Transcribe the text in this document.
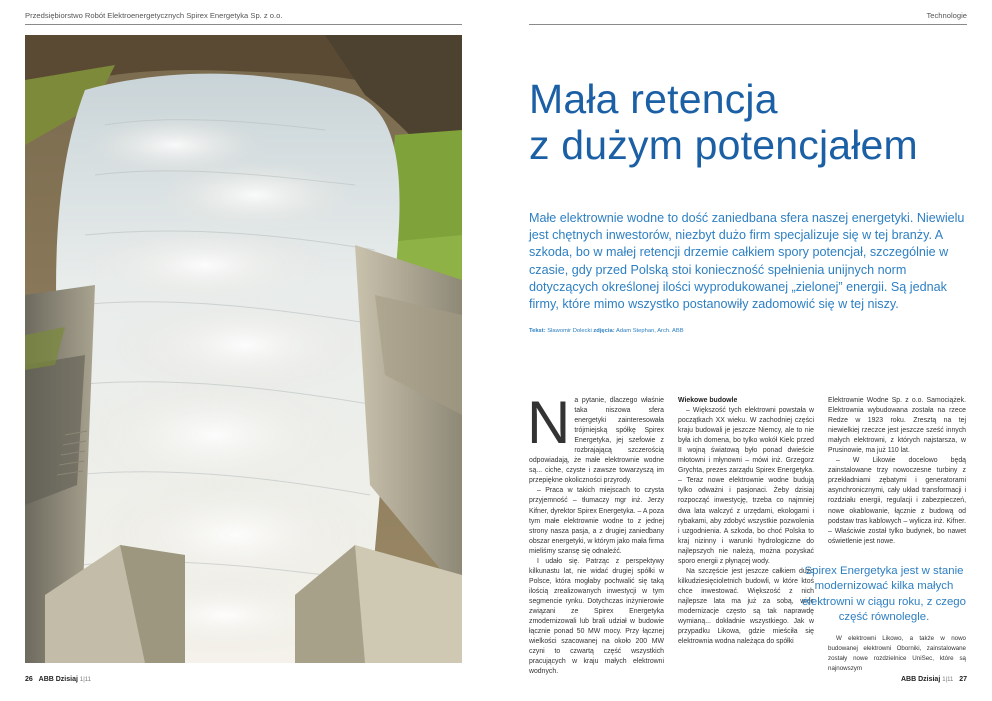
Przedsiębiorstwo Robót Elektroenergetycznych Spirex Energetyka Sp. z o.o.	Technologie
Mała retencja
z dużym potencjałem
Małe elektrownie wodne to dość zaniedbana sfera naszej energetyki. Niewielu jest chętnych inwestorów, niezbyt dużo firm specjalizuje się w tej branży. A szkoda, bo w małej retencji drzemie całkiem spory potencjał, szczególnie w czasie, gdy przed Polską stoi konieczność spełnienia unijnych norm dotyczących określonej ilości wyprodukowanej „zielonej” energii. Są jednak firmy, które mimo wszystko postanowiły zadomowić się w tej niszy.
Tekst: Sławomir Dolecki zdjęcia: Adam Stephan, Arch. ABB
N a pytanie, dlaczego właśnie taka niszowa sfera energetyki zainteresowała trójmiejską spółkę Spirex Energetyka, jej szefowie z rozbrajającą szczerością odpowiadają, że małe elektrownie wodne są... ciche, czyste i zawsze towarzyszą im przepiękne okoliczności przyrody.

– Praca w takich miejscach to czysta przyjemność – tłumaczy mgr inż. Jerzy Kifner, dyrektor Spirex Energetyka. – A poza tym małe elektrownie wodne to z jednej strony nasza pasja, a z drugiej zaniedbany obszar energetyki, w którym jako mała firma mieliśmy szansę się odnaleźć.

I udało się. Patrząc z perspektywy kilkunastu lat, nie widać drugiej spółki w Polsce, która mogłaby pochwalić się taką ilością zrealizowanych inwestycji w tym segmencie rynku. Dotychczas inżynierowie związani ze Spirex Energetyka zmodernizowali lub brali udział w budowie łącznie ponad 50 MW mocy. Przy łącznej wielkości szacowanej na około 200 MW czyni to czwartą część wszystkich pracujących w kraju małych elektrowni wodnych.

Wiekowe budowle

– Większość tych elektrowni powstała w początkach XX wieku. W zachodniej części kraju budowali je jeszcze Niemcy, ale to nie była ich domena, bo tylko wokół Kielc przed II wojną światową było ponad dwieście młotowni i młynowni – mówi inż. Grzegorz Grychta, prezes zarządu Spirex Energetyka. – Teraz nowe elektrownie wodne budują tylko odważni i pasjonaci. Żeby dzisiaj rozpocząć inwestycję, trzeba co najmniej dwa lata walczyć z urzędami, ekologami i rybakami, aby zdobyć wszystkie pozwolenia i uzgodnienia. A szkoda, bo choć Polska to kraj nizinny i warunki hydrologiczne do najlepszych nie należą, można pozyskać sporo energii z płynącej wody.

Na szczęście jest jeszcze całkiem dużo kilkudziesięcioletnich budowli, w które ktoś chce inwestować. Większość z nich najlepsze lata ma już za sobą, więc modernizacje często są tak naprawdę wymianą... dokładnie wszystkiego. Jak w przypadku Likowa, gdzie mieściła się elektrownia wodna należąca do spółki

Elektrownie Wodne Sp. z o.o. Samociążek. Elektrownia wybudowana została na rzece Redze w 1923 roku. Zresztą na tej niewielkiej rzeczce jest jeszcze sześć innych małych elektrowni, z których najstarsza, w Prusinowie, ma już 110 lat.

– W Likowie docelowo będą zainstalowane trzy nowoczesne turbiny z przekładniami zębatymi i generatorami asynchronicznymi, cały układ transformacji i rozdziału energii, regulacji i zabezpieczeń, nowe okablowanie, łącznie z budową od podstaw tras kablowych – wylicza inż. Kifner. – Właściwie został tylko budynek, bo nawet oświetlenie jest nowe.

Spirex Energetyka jest w stanie modernizować kilka małych elektrowni w ciągu roku, z czego część równolegle.

W elektrowni Likowo, a także w nowo budowanej elektrowni Oborniki, zainstalowane zostały nowe rozdzielnice UniSec, które są najnowszym

26 ABB Dzisiaj 1|11	ABB Dzisiaj 1|11 27
